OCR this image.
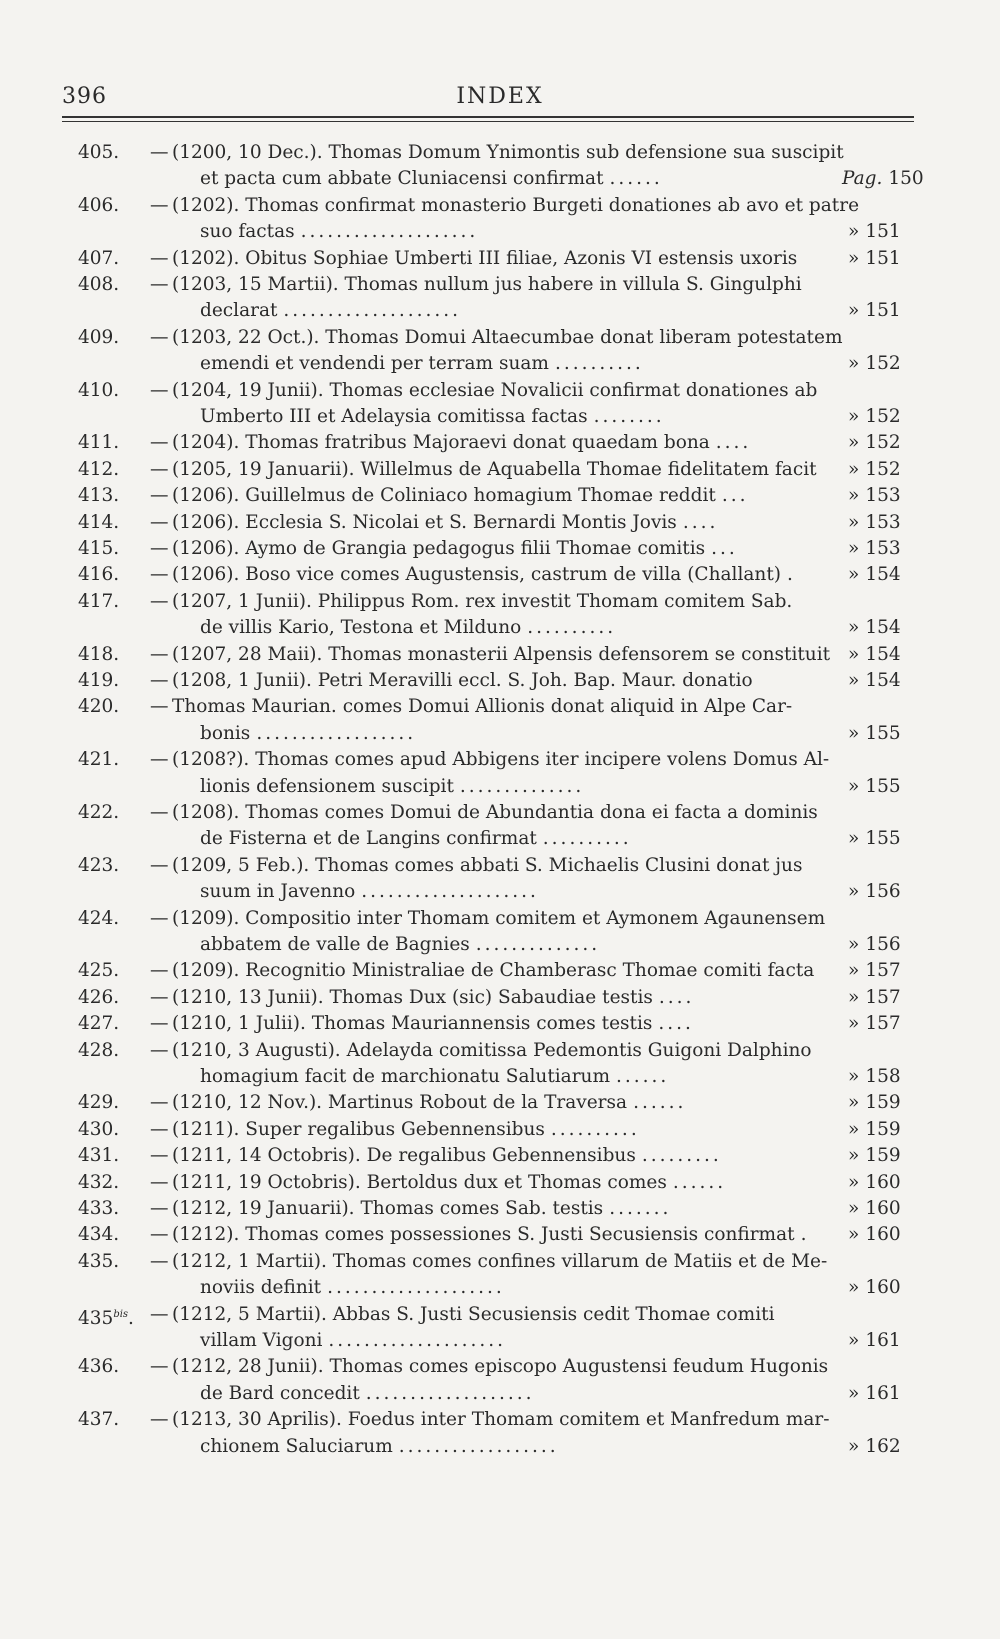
396	INDEX
405.	— (1200, 10 Dec.). Thomas Domum Ynimontis sub defensione sua suscipit
et pacta cum abbate Cluniacensi confirmat ......	Pag. 150
406.	— (1202). Thomas confirmat monasterio Burgeti donationes ab avo et patre
suo factas ....................	» 151
407.	— (1202). Obitus Sophiae Umberti III filiae, Azonis VI estensis uxoris	» 151
408.	— (1203, 15 Martii). Thomas nullum jus habere in villula S. Gingulphi
declarat ....................	» 151
409.	— (1203, 22 Oct.). Thomas Domui Altaecumbae donat liberam potestatem
emendi et vendendi per terram suam ..........	» 152
410.	— (1204, 19 Junii). Thomas ecclesiae Novalicii confirmat donationes ab
Umberto III et Adelaysia comitissa factas ........	» 152
411.	— (1204). Thomas fratribus Majoraevi donat quaedam bona ....	» 152
412.	— (1205, 19 Januarii). Willelmus de Aquabella Thomae fidelitatem facit	» 152
413.	— (1206). Guillelmus de Coliniaco homagium Thomae reddit ...	» 153
414.	— (1206). Ecclesia S. Nicolai et S. Bernardi Montis Jovis ....	» 153
415.	— (1206). Aymo de Grangia pedagogus filii Thomae comitis ...	» 153
416.	— (1206). Boso vice comes Augustensis, castrum de villa (Challant) .	» 154
417.	— (1207, 1 Junii). Philippus Rom. rex investit Thomam comitem Sab.
de villis Kario, Testona et Milduno ..........	» 154
418.	— (1207, 28 Maii). Thomas monasterii Alpensis defensorem se constituit » 154
419.	— (1208, 1 Junii). Petri Meravilli eccl. S. Joh. Bap. Maur. donatio	» 154
420.	— Thomas Maurian. comes Domui Allionis donat aliquid in Alpe Car-
bonis ..................	» 155
421.	— (1208?). Thomas comes apud Abbigens iter incipere volens Domus Al-
lionis defensionem suscipit ..............	» 155
422.	— (1208). Thomas comes Domui de Abundantia dona ei facta a dominis
de Fisterna et de Langins confirmat ..........	» 155
423.	— (1209, 5 Feb.). Thomas comes abbati S. Michaelis Clusini donat jus
suum in Javenno ....................	» 156
424.	— (1209). Compositio inter Thomam comitem et Aymonem Agaunensem
abbatem de valle de Bagnies ..............	» 156
425.	— (1209). Recognitio Ministraliae de Chamberasc Thomae comiti facta	» 157
426.	— (1210, 13 Junii). Thomas Dux (sic) Sabaudiae testis ....	» 157
427.	— (1210, 1 Julii). Thomas Mauriannensis comes testis ....	» 157
428.	— (1210, 3 Augusti). Adelayda comitissa Pedemontis Guigoni Dalphino
homagium facit de marchionatu Salutiarum ......	» 158
429.	— (1210, 12 Nov.). Martinus Robout de la Traversa ......	» 159
430.	— (1211). Super regalibus Gebennensibus ..........	» 159
431.	— (1211, 14 Octobris). De regalibus Gebennensibus .........	» 159
432.	— (1211, 19 Octobris). Bertoldus dux et Thomas comes ......	» 160
433.	— (1212, 19 Januarii). Thomas comes Sab. testis .......	» 160
434.	— (1212). Thomas comes possessiones S. Justi Secusiensis confirmat .	» 160
435.	— (1212, 1 Martii). Thomas comes confines villarum de Matiis et de Me-
noviis definit ....................	» 160
$435^{bis}$. — (1212, 5 Martii). Abbas S. Justi Secusiensis cedit Thomae comiti
villam Vigoni ....................	» 161
436.	— (1212, 28 Junii). Thomas comes episcopo Augustensi feudum Hugonis
de Bard concedit ...................	» 161
437.	— (1213, 30 Aprilis). Foedus inter Thomam comitem et Manfredum mar-
chionem Saluciarum ..................	» 162
